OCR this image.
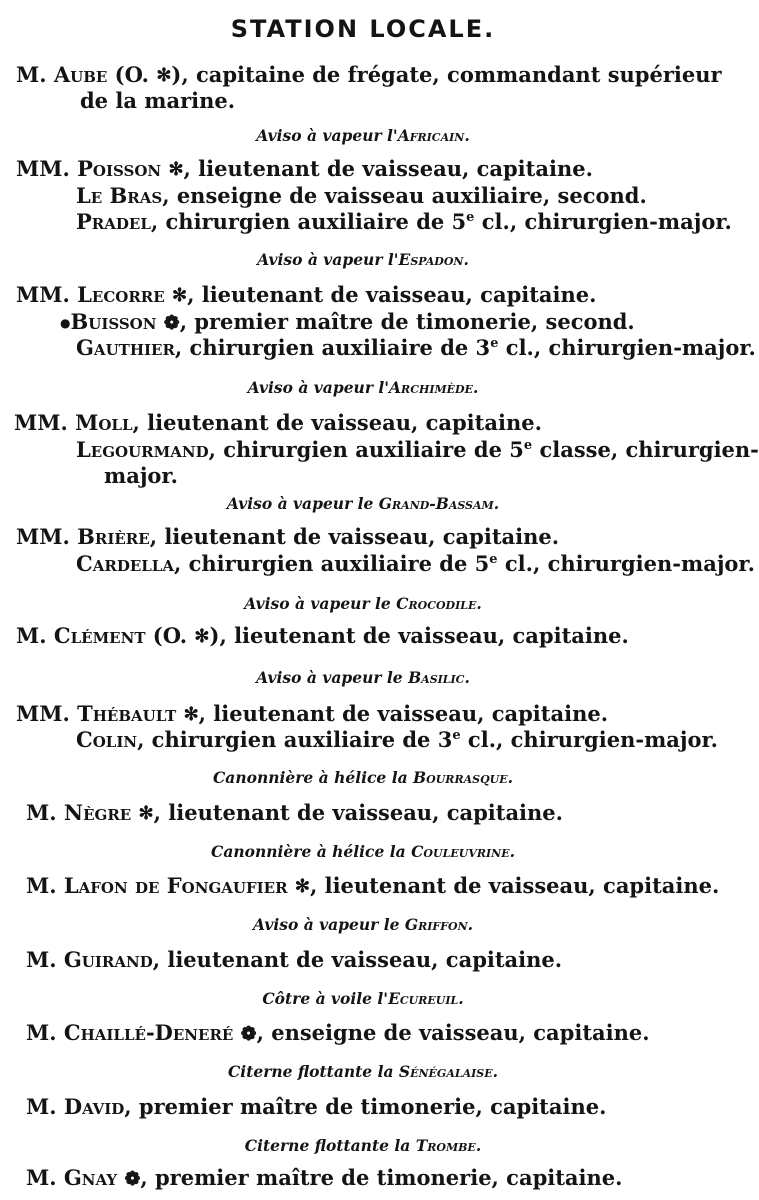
STATION LOCALE.
M. Aube (O. ✻), capitaine de frégate, commandant supérieur
de la marine.
Aviso à vapeur l'Africain.
MM. Poisson ✻, lieutenant de vaisseau, capitaine.
Le Bras, enseigne de vaisseau auxiliaire, second.
Pradel, chirurgien auxiliaire de 5e cl., chirurgien-major.
Aviso à vapeur l'Espadon.
MM. Lecorre ✻, lieutenant de vaisseau, capitaine.
●Buisson ❁, premier maître de timonerie, second.
Gauthier, chirurgien auxiliaire de 3e cl., chirurgien-major.
Aviso à vapeur l'Archimède.
MM. Moll, lieutenant de vaisseau, capitaine.
Legourmand, chirurgien auxiliaire de 5e classe, chirurgien-
major.
Aviso à vapeur le Grand-Bassam.
MM. Brière, lieutenant de vaisseau, capitaine.
Cardella, chirurgien auxiliaire de 5e cl., chirurgien-major.
Aviso à vapeur le Crocodile.
M. Clément (O. ✻), lieutenant de vaisseau, capitaine.
Aviso à vapeur le Basilic.
MM. Thébault ✻, lieutenant de vaisseau, capitaine.
Colin, chirurgien auxiliaire de 3e cl., chirurgien-major.
Canonnière à hélice la Bourrasque.
M. Nègre ✻, lieutenant de vaisseau, capitaine.
Canonnière à hélice la Couleuvrine.
M. Lafon de Fongaufier ✻, lieutenant de vaisseau, capitaine.
Aviso à vapeur le Griffon.
M. Guirand, lieutenant de vaisseau, capitaine.
Côtre à voile l'Ecureuil.
M. Chaillé-Deneré ❁, enseigne de vaisseau, capitaine.
Citerne flottante la Sénégalaise.
M. David, premier maître de timonerie, capitaine.
Citerne flottante la Trombe.
M. Gnay ❁, premier maître de timonerie, capitaine.
